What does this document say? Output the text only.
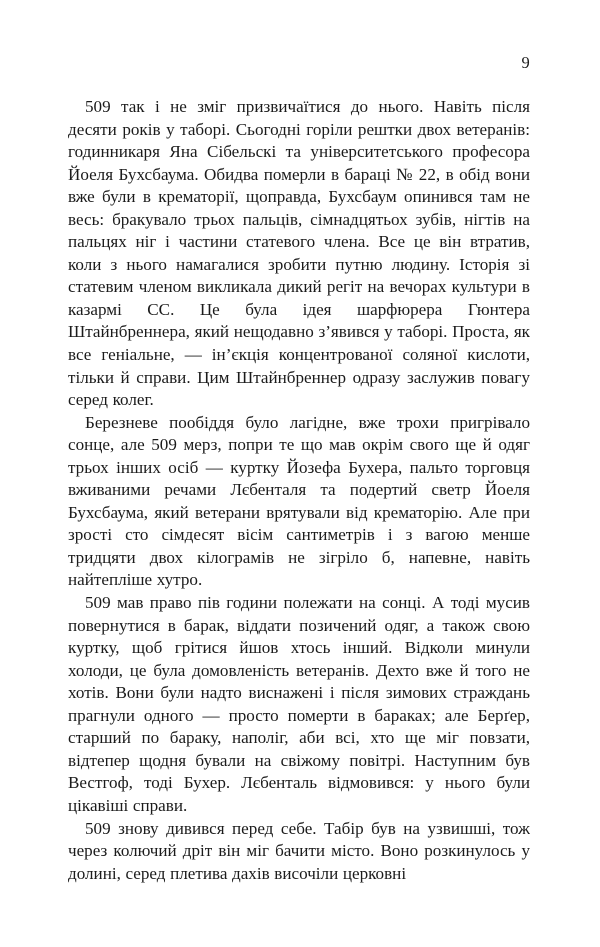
9

509 так і не зміг призвичаїтися до нього. Навіть після десяти років у таборі. Сьогодні горіли рештки двох ветеранів: годинникаря Яна Сібельскі та університетського професора Йоеля Бухсбаума. Обидва померли в бараці № 22, в обід вони вже були в крематорії, щоправда, Бухсбаум опинився там не весь: бракувало трьох пальців, сімнадцятьох зубів, нігтів на пальцях ніг і частини статевого члена. Все це він втратив, коли з нього намагалися зробити путню людину. Історія зі статевим членом викликала дикий регіт на вечорах культури в казармі СС. Це була ідея шарфюрера Гюнтера Штайнбреннера, який нещодавно з’явився у таборі. Проста, як все геніальне, — ін’єкція концентрованої соляної кислоти, тільки й справи. Цим Штайнбреннер одразу заслужив повагу серед колег.

Березневе пообіддя було лагідне, вже трохи пригрівало сонце, але 509 мерз, попри те що мав окрім свого ще й одяг трьох інших осіб — куртку Йозефа Бухера, пальто торговця вживаними речами Лєбенталя та подертий светр Йоеля Бухсбаума, який ветерани врятували від крематорію. Але при зрості сто сімдесят вісім сантиметрів і з вагою менше тридцяти двох кілограмів не зігріло б, напевне, навіть найтепліше хутро.

509 мав право пів години полежати на сонці. А тоді мусив повернутися в барак, віддати позичений одяг, а також свою куртку, щоб грітися йшов хтось інший. Відколи минули холоди, це була домовленість ветеранів. Дехто вже й того не хотів. Вони були надто виснажені і після зимових страждань прагнули одного — просто померти в бараках; але Берґер, старший по бараку, наполіг, аби всі, хто ще міг повзати, відтепер щодня бували на свіжому повітрі. Наступним був Вестгоф, тоді Бухер. Лєбенталь відмовився: у нього були цікавіші справи.

509 знову дивився перед себе. Табір був на узвишші, тож через колючий дріт він міг бачити місто. Воно розкинулось у долині, серед плетива дахів височіли церковні
